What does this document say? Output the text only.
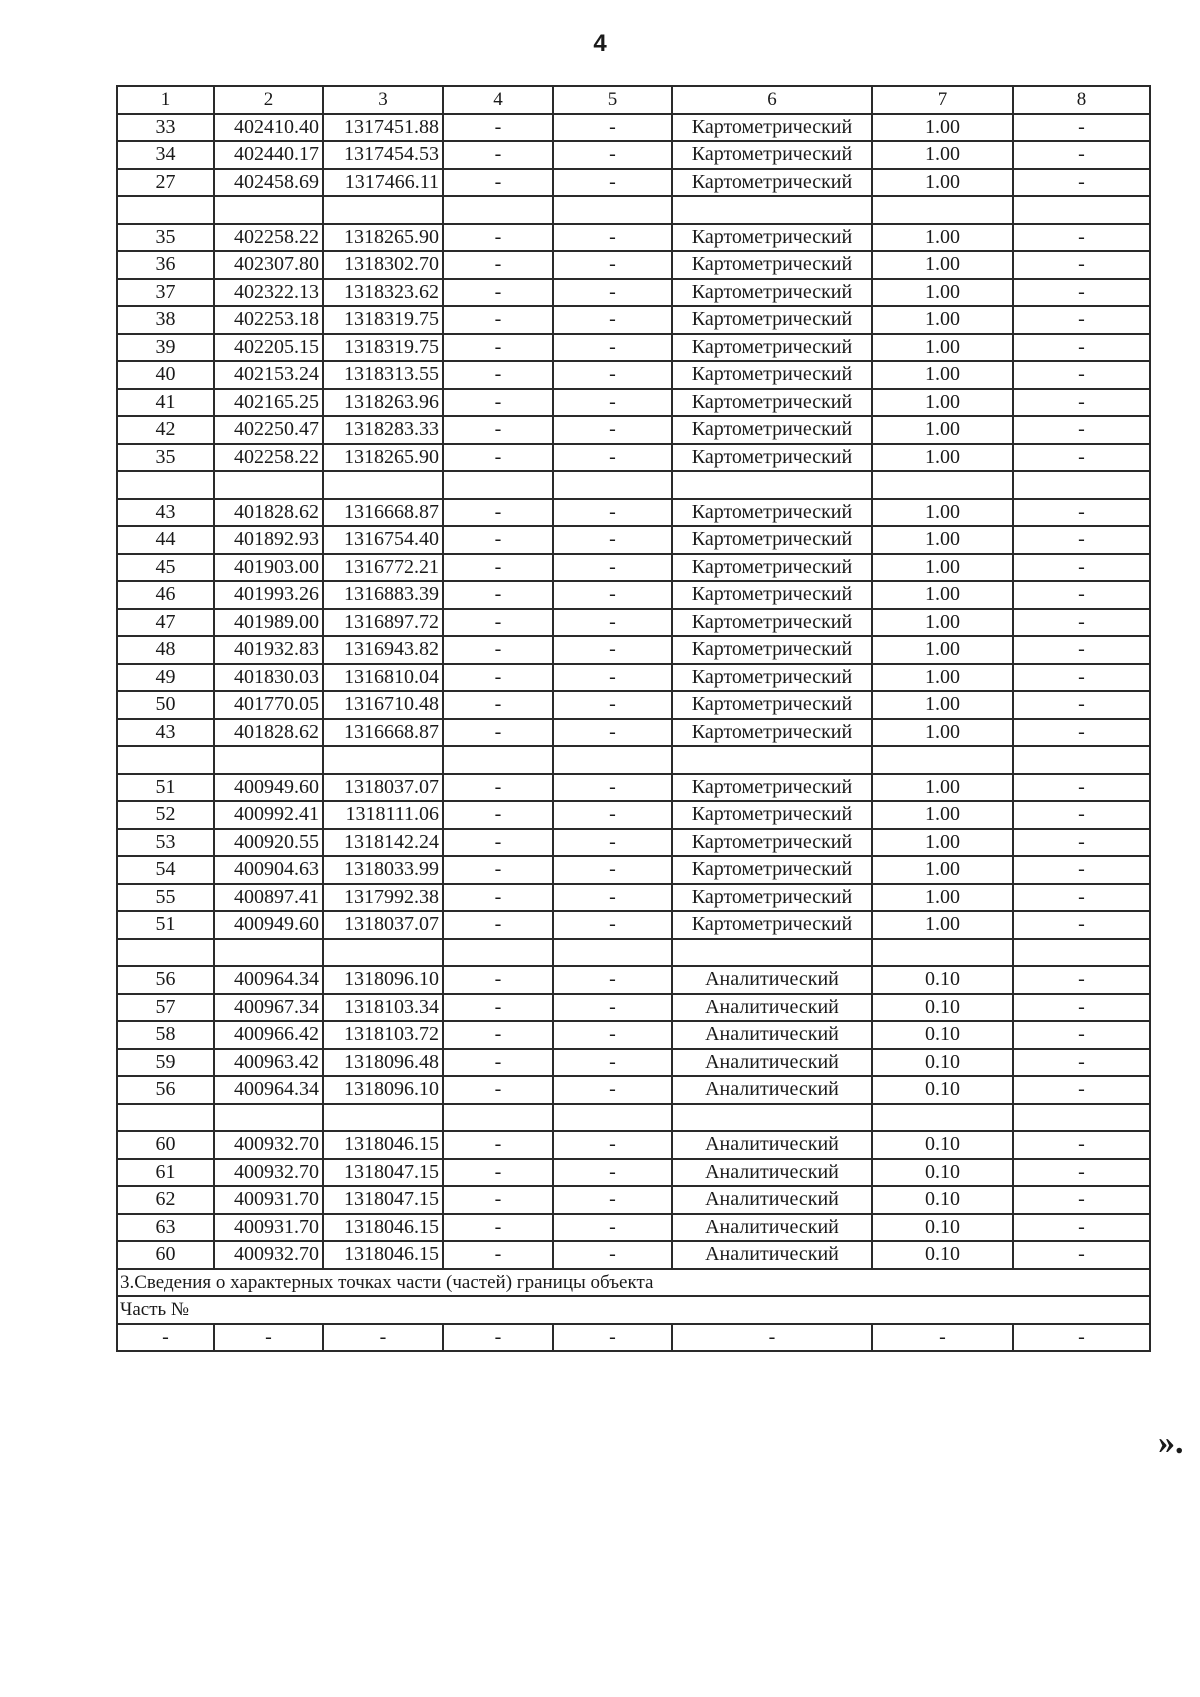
4
1	2	3	4	5	6	7	8
33	402410.40	1317451.88	-	-	Картометрический	1.00	-
34	402440.17	1317454.53	-	-	Картометрический	1.00	-
27	402458.69	1317466.11	-	-	Картометрический	1.00	-

35	402258.22	1318265.90	-	-	Картометрический	1.00	-
36	402307.80	1318302.70	-	-	Картометрический	1.00	-
37	402322.13	1318323.62	-	-	Картометрический	1.00	-
38	402253.18	1318319.75	-	-	Картометрический	1.00	-
39	402205.15	1318319.75	-	-	Картометрический	1.00	-
40	402153.24	1318313.55	-	-	Картометрический	1.00	-
41	402165.25	1318263.96	-	-	Картометрический	1.00	-
42	402250.47	1318283.33	-	-	Картометрический	1.00	-
35	402258.22	1318265.90	-	-	Картометрический	1.00	-

43	401828.62	1316668.87	-	-	Картометрический	1.00	-
44	401892.93	1316754.40	-	-	Картометрический	1.00	-
45	401903.00	1316772.21	-	-	Картометрический	1.00	-
46	401993.26	1316883.39	-	-	Картометрический	1.00	-
47	401989.00	1316897.72	-	-	Картометрический	1.00	-
48	401932.83	1316943.82	-	-	Картометрический	1.00	-
49	401830.03	1316810.04	-	-	Картометрический	1.00	-
50	401770.05	1316710.48	-	-	Картометрический	1.00	-
43	401828.62	1316668.87	-	-	Картометрический	1.00	-

51	400949.60	1318037.07	-	-	Картометрический	1.00	-
52	400992.41	1318111.06	-	-	Картометрический	1.00	-
53	400920.55	1318142.24	-	-	Картометрический	1.00	-
54	400904.63	1318033.99	-	-	Картометрический	1.00	-
55	400897.41	1317992.38	-	-	Картометрический	1.00	-
51	400949.60	1318037.07	-	-	Картометрический	1.00	-

56	400964.34	1318096.10	-	-	Аналитический	0.10	-
57	400967.34	1318103.34	-	-	Аналитический	0.10	-
58	400966.42	1318103.72	-	-	Аналитический	0.10	-
59	400963.42	1318096.48	-	-	Аналитический	0.10	-
56	400964.34	1318096.10	-	-	Аналитический	0.10	-

60	400932.70	1318046.15	-	-	Аналитический	0.10	-
61	400932.70	1318047.15	-	-	Аналитический	0.10	-
62	400931.70	1318047.15	-	-	Аналитический	0.10	-
63	400931.70	1318046.15	-	-	Аналитический	0.10	-
60	400932.70	1318046.15	-	-	Аналитический	0.10	-
3.Сведения о характерных точках части (частей) границы объекта							
Часть №							
-	-	-	-	-	-	-	-
».
